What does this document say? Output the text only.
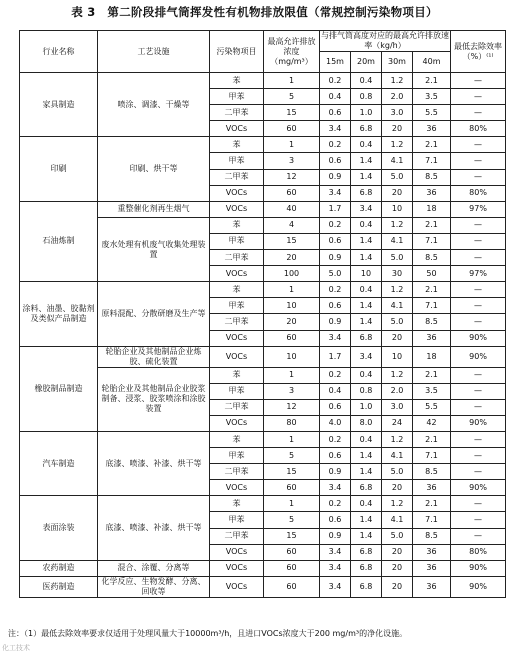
表 3　第二阶段排气筒挥发性有机物排放限值（常规控制污染物项目）
行业名称	工艺设施	污染物项目	最高允许排放浓度（mg/m³）	与排气筒高度对应的最高允许排放速率（kg/h）				最低去除效率（%）⁽¹⁾
				15m	20m	30m	40m	
家具制造	喷涂、调漆、干燥等	苯	1	0.2	0.4	1.2	2.1	—
		甲苯	5	0.4	0.8	2.0	3.5	—
		二甲苯	15	0.6	1.0	3.0	5.5	—
		VOCs	60	3.4	6.8	20	36	80%
印刷	印刷、烘干等	苯	1	0.2	0.4	1.2	2.1	—
		甲苯	3	0.6	1.4	4.1	7.1	—
		二甲苯	12	0.9	1.4	5.0	8.5	—
		VOCs	60	3.4	6.8	20	36	80%
石油炼制	重整催化剂再生烟气	VOCs	40	1.7	3.4	10	18	97%
	废水处理有机废气收集处理装置	苯	4	0.2	0.4	1.2	2.1	—
		甲苯	15	0.6	1.4	4.1	7.1	—
		二甲苯	20	0.9	1.4	5.0	8.5	—
		VOCs	100	5.0	10	30	50	97%
涂料、油墨、胶黏剂及类似产品制造	原料混配、分散研磨及生产等	苯	1	0.2	0.4	1.2	2.1	—
		甲苯	10	0.6	1.4	4.1	7.1	—
		二甲苯	20	0.9	1.4	5.0	8.5	—
		VOCs	60	3.4	6.8	20	36	90%
橡胶制品制造	轮胎企业及其他制品企业炼胶、硫化装置	VOCs	10	1.7	3.4	10	18	90%

	轮胎企业及其他制品企业胶浆制备、浸浆、胶浆喷涂和涂胶装置	苯	1	0.2	0.4	1.2	2.1	—
		甲苯	3	0.4	0.8	2.0	3.5	—
		二甲苯	12	0.6	1.0	3.0	5.5	—
		VOCs	80	4.0	8.0	24	42	90%
汽车制造	底漆、喷漆、补漆、烘干等	苯	1	0.2	0.4	1.2	2.1	—
		甲苯	5	0.6	1.4	4.1	7.1	—
		二甲苯	15	0.9	1.4	5.0	8.5	—
		VOCs	60	3.4	6.8	20	36	90%
表面涂装	底漆、喷漆、补漆、烘干等	苯	1	0.2	0.4	1.2	2.1	—
		甲苯	5	0.6	1.4	4.1	7.1	—
		二甲苯	15	0.9	1.4	5.0	8.5	—
		VOCs	60	3.4	6.8	20	36	80%
农药制造	混合、涂覆、分离等	VOCs	60	3.4	6.8	20	36	90%
医药制造	化学反应、生物发酵、分离、回收等	VOCs	60	3.4	6.8	20	36	90%
注：（1）最低去除效率要求仅适用于处理风量大于10000m³/h，且进口VOCs浓度大于200 mg/m³的净化设施。
化工技术
